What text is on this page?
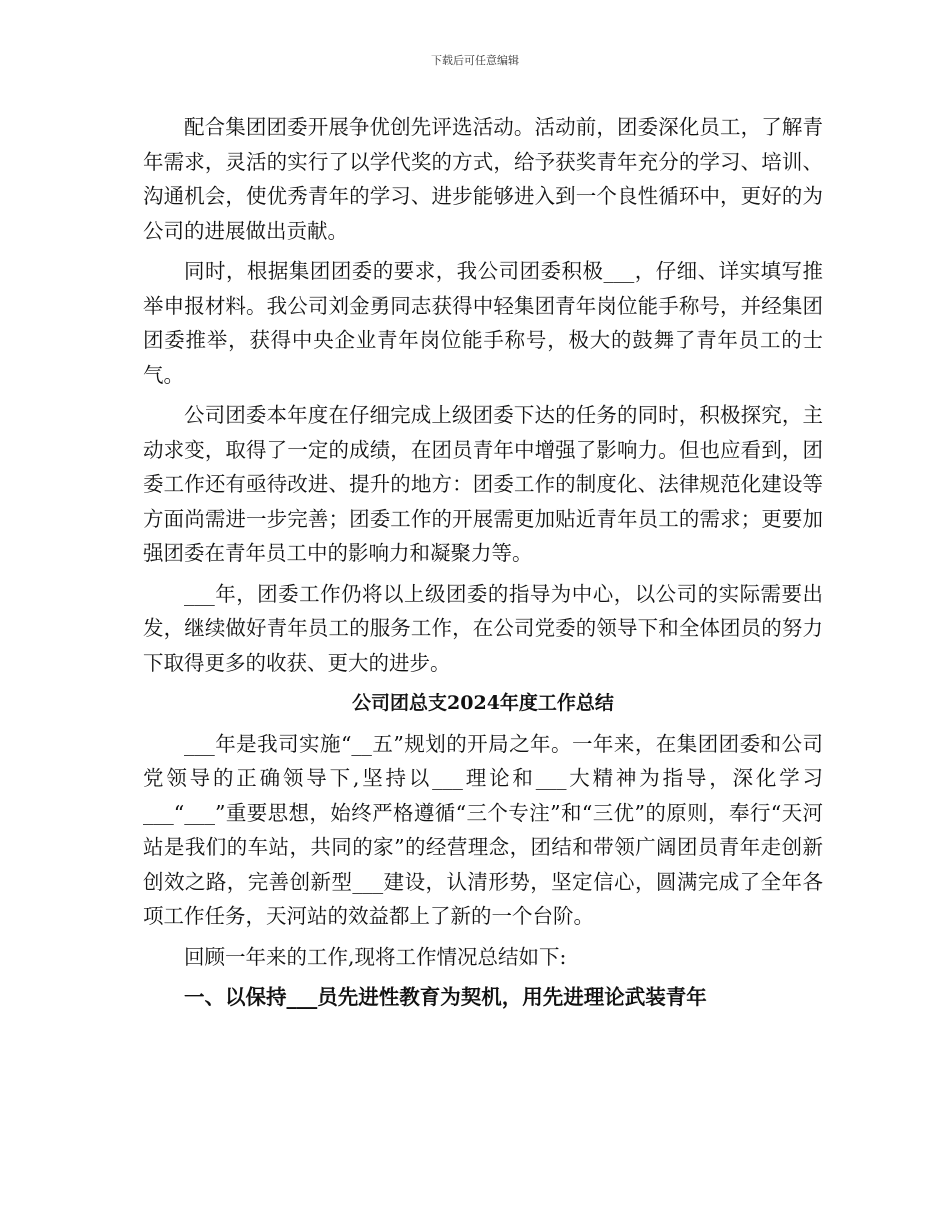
下载后可任意编辑

配合集团团委开展争优创先评选活动。活动前，团委深化员工，了解青年需求，灵活的实行了以学代奖的方式，给予获奖青年充分的学习、培训、沟通机会，使优秀青年的学习、进步能够进入到一个良性循环中，更好的为公司的进展做出贡献。

同时，根据集团团委的要求，我公司团委积极___，仔细、详实填写推举申报材料。我公司刘金勇同志获得中轻集团青年岗位能手称号，并经集团团委推举，获得中央企业青年岗位能手称号，极大的鼓舞了青年员工的士气。

公司团委本年度在仔细完成上级团委下达的任务的同时，积极探究，主动求变，取得了一定的成绩，在团员青年中增强了影响力。但也应看到，团委工作还有亟待改进、提升的地方：团委工作的制度化、法律规范化建设等方面尚需进一步完善；团委工作的开展需更加贴近青年员工的需求；更要加强团委在青年员工中的影响力和凝聚力等。

___年，团委工作仍将以上级团委的指导为中心，以公司的实际需要出发，继续做好青年员工的服务工作，在公司党委的领导下和全体团员的努力下取得更多的收获、更大的进步。

公司团总支2024年度工作总结

___年是我司实施“__五”规划的开局之年。一年来，在集团团委和公司党领导的正确领导下,坚持以___理论和___大精神为指导，深化学习___“___”重要思想，始终严格遵循“三个专注”和“三优”的原则，奉行“天河站是我们的车站，共同的家”的经营理念，团结和带领广阔团员青年走创新创效之路，完善创新型___建设，认清形势，坚定信心，圆满完成了全年各项工作任务，天河站的效益都上了新的一个台阶。

回顾一年来的工作,现将工作情况总结如下:

一、以保持___员先进性教育为契机，用先进理论武装青年
